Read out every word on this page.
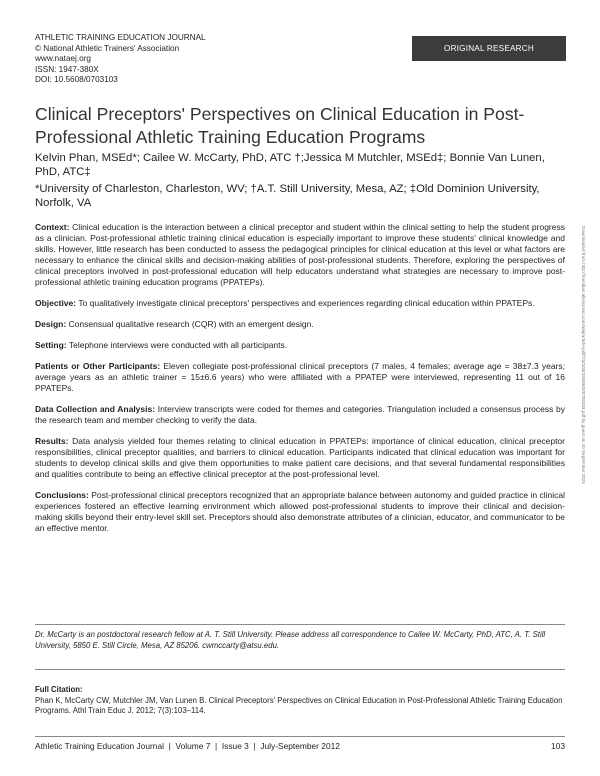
ATHLETIC TRAINING EDUCATION JOURNAL
© National Athletic Trainers' Association
www.nataej.org
ISSN: 1947-380X
DOI: 10.5608/0703103
ORIGINAL RESEARCH
Clinical Preceptors' Perspectives on Clinical Education in Post-Professional Athletic Training Education Programs
Kelvin Phan, MSEd*; Cailee W. McCarty, PhD, ATC †;Jessica M Mutchler, MSEd‡; Bonnie Van Lunen, PhD, ATC‡
*University of Charleston, Charleston, WV; †A.T. Still University, Mesa, AZ; ‡Old Dominion University, Norfolk, VA

Context: Clinical education is the interaction between a clinical preceptor and student within the clinical setting to help the student progress as a clinician. Post-professional athletic training clinical education is especially important to improve these students' clinical knowledge and skills. However, little research has been conducted to assess the pedagogical principles for clinical education at this level or what factors are necessary to enhance the clinical skills and decision-making abilities of post-professional students. Therefore, exploring the perspectives of clinical preceptors involved in post-professional education will help educators understand what strategies are necessary to improve post-professional athletic training education programs (PPATEPs).

Objective: To qualitatively investigate clinical preceptors' perspectives and experiences regarding clinical education within PPATEPs.

Design: Consensual qualitative research (CQR) with an emergent design.

Setting: Telephone interviews were conducted with all participants.

Patients or Other Participants: Eleven collegiate post-professional clinical preceptors (7 males, 4 females; average age = 38±7.3 years; average years as an athletic trainer = 15±6.6 years) who were affiliated with a PPATEP were interviewed, representing 11 out of 16 PPATEPs.

Data Collection and Analysis: Interview transcripts were coded for themes and categories. Triangulation included a consensus process by the research team and member checking to verify the data.

Results: Data analysis yielded four themes relating to clinical education in PPATEPs: importance of clinical education, clinical preceptor responsibilities, clinical preceptor qualities, and barriers to clinical education. Participants indicated that clinical education was important for students to develop clinical skills and give them opportunities to make patient care decisions, and that several fundamental responsibilities and qualities contribute to being an effective clinical preceptor at the post-professional level.

Conclusions: Post-professional clinical preceptors recognized that an appropriate balance between autonomy and guided practice in clinical experiences fostered an effective learning environment which allowed post-professional students to improve their clinical and decision-making skills beyond their entry-level skill set. Preceptors should also demonstrate attributes of a clinician, educator, and communicator to be an effective mentor.

Dr. McCarty is an postdoctoral research fellow at A. T. Still University. Please address all correspondence to Cailee W. McCarty, PhD, ATC, A. T. Still University, 5850 E. Still Circle, Mesa, AZ 85206. cwmccarty@atsu.edu.
Full Citation:
Phan K, McCarty CW, Mutchler JM, Van Lunen B. Clinical Preceptors' Perspectives on Clinical Education in Post-Professional Athletic Training Education Programs. Athl Train Educ J. 2012; 7(3):103–114.
Athletic Training Education Journal  |  Volume 7  |  Issue 3  |  July-September 2012	103
Downloaded from http://meridian.allenpress.com/atej/article-pdf/7/3/103/1938302/0703103.pdf by guest on 10 September 2021
